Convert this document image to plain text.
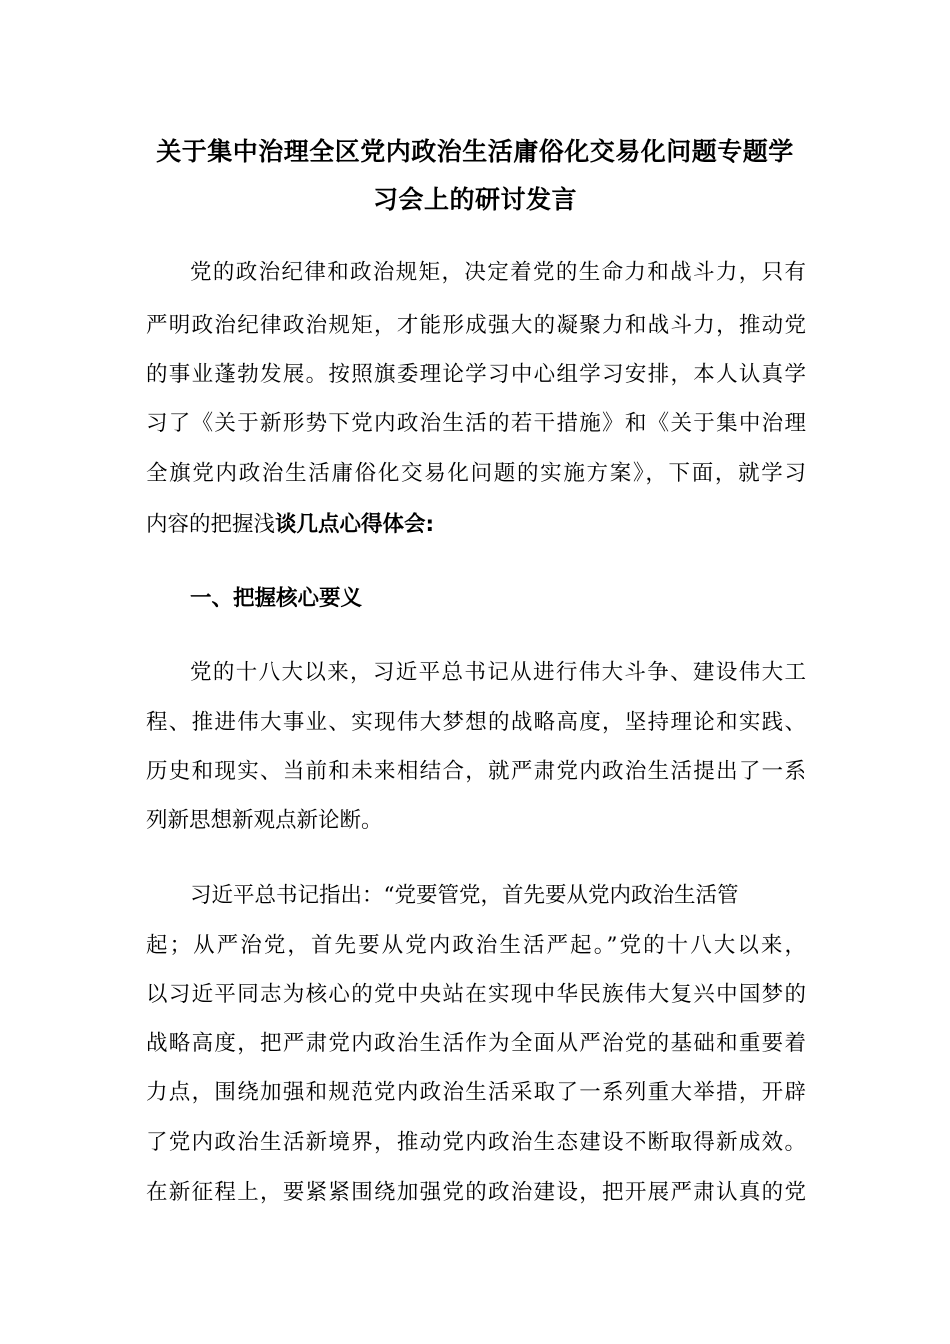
关于集中治理全区党内政治生活庸俗化交易化问题专题学
习会上的研讨发言
党的政治纪律和政治规矩，决定着党的生命力和战斗力，只有
严明政治纪律政治规矩，才能形成强大的凝聚力和战斗力，推动党
的事业蓬勃发展。按照旗委理论学习中心组学习安排，本人认真学
习了《关于新形势下党内政治生活的若干措施》和《关于集中治理
全旗党内政治生活庸俗化交易化问题的实施方案》，下面，就学习
内容的把握浅谈几点心得体会:
一、把握核心要义
党的十八大以来，习近平总书记从进行伟大斗争、建设伟大工
程、推进伟大事业、实现伟大梦想的战略高度，坚持理论和实践、
历史和现实、当前和未来相结合，就严肃党内政治生活提出了一系
列新思想新观点新论断。
习近平总书记指出：“党要管党，首先要从党内政治生活管
起；从严治党，首先要从党内政治生活严起。”党的十八大以来，
以习近平同志为核心的党中央站在实现中华民族伟大复兴中国梦的
战略高度，把严肃党内政治生活作为全面从严治党的基础和重要着
力点，围绕加强和规范党内政治生活采取了一系列重大举措，开辟
了党内政治生活新境界，推动党内政治生态建设不断取得新成效。
在新征程上，要紧紧围绕加强党的政治建设，把开展严肃认真的党
